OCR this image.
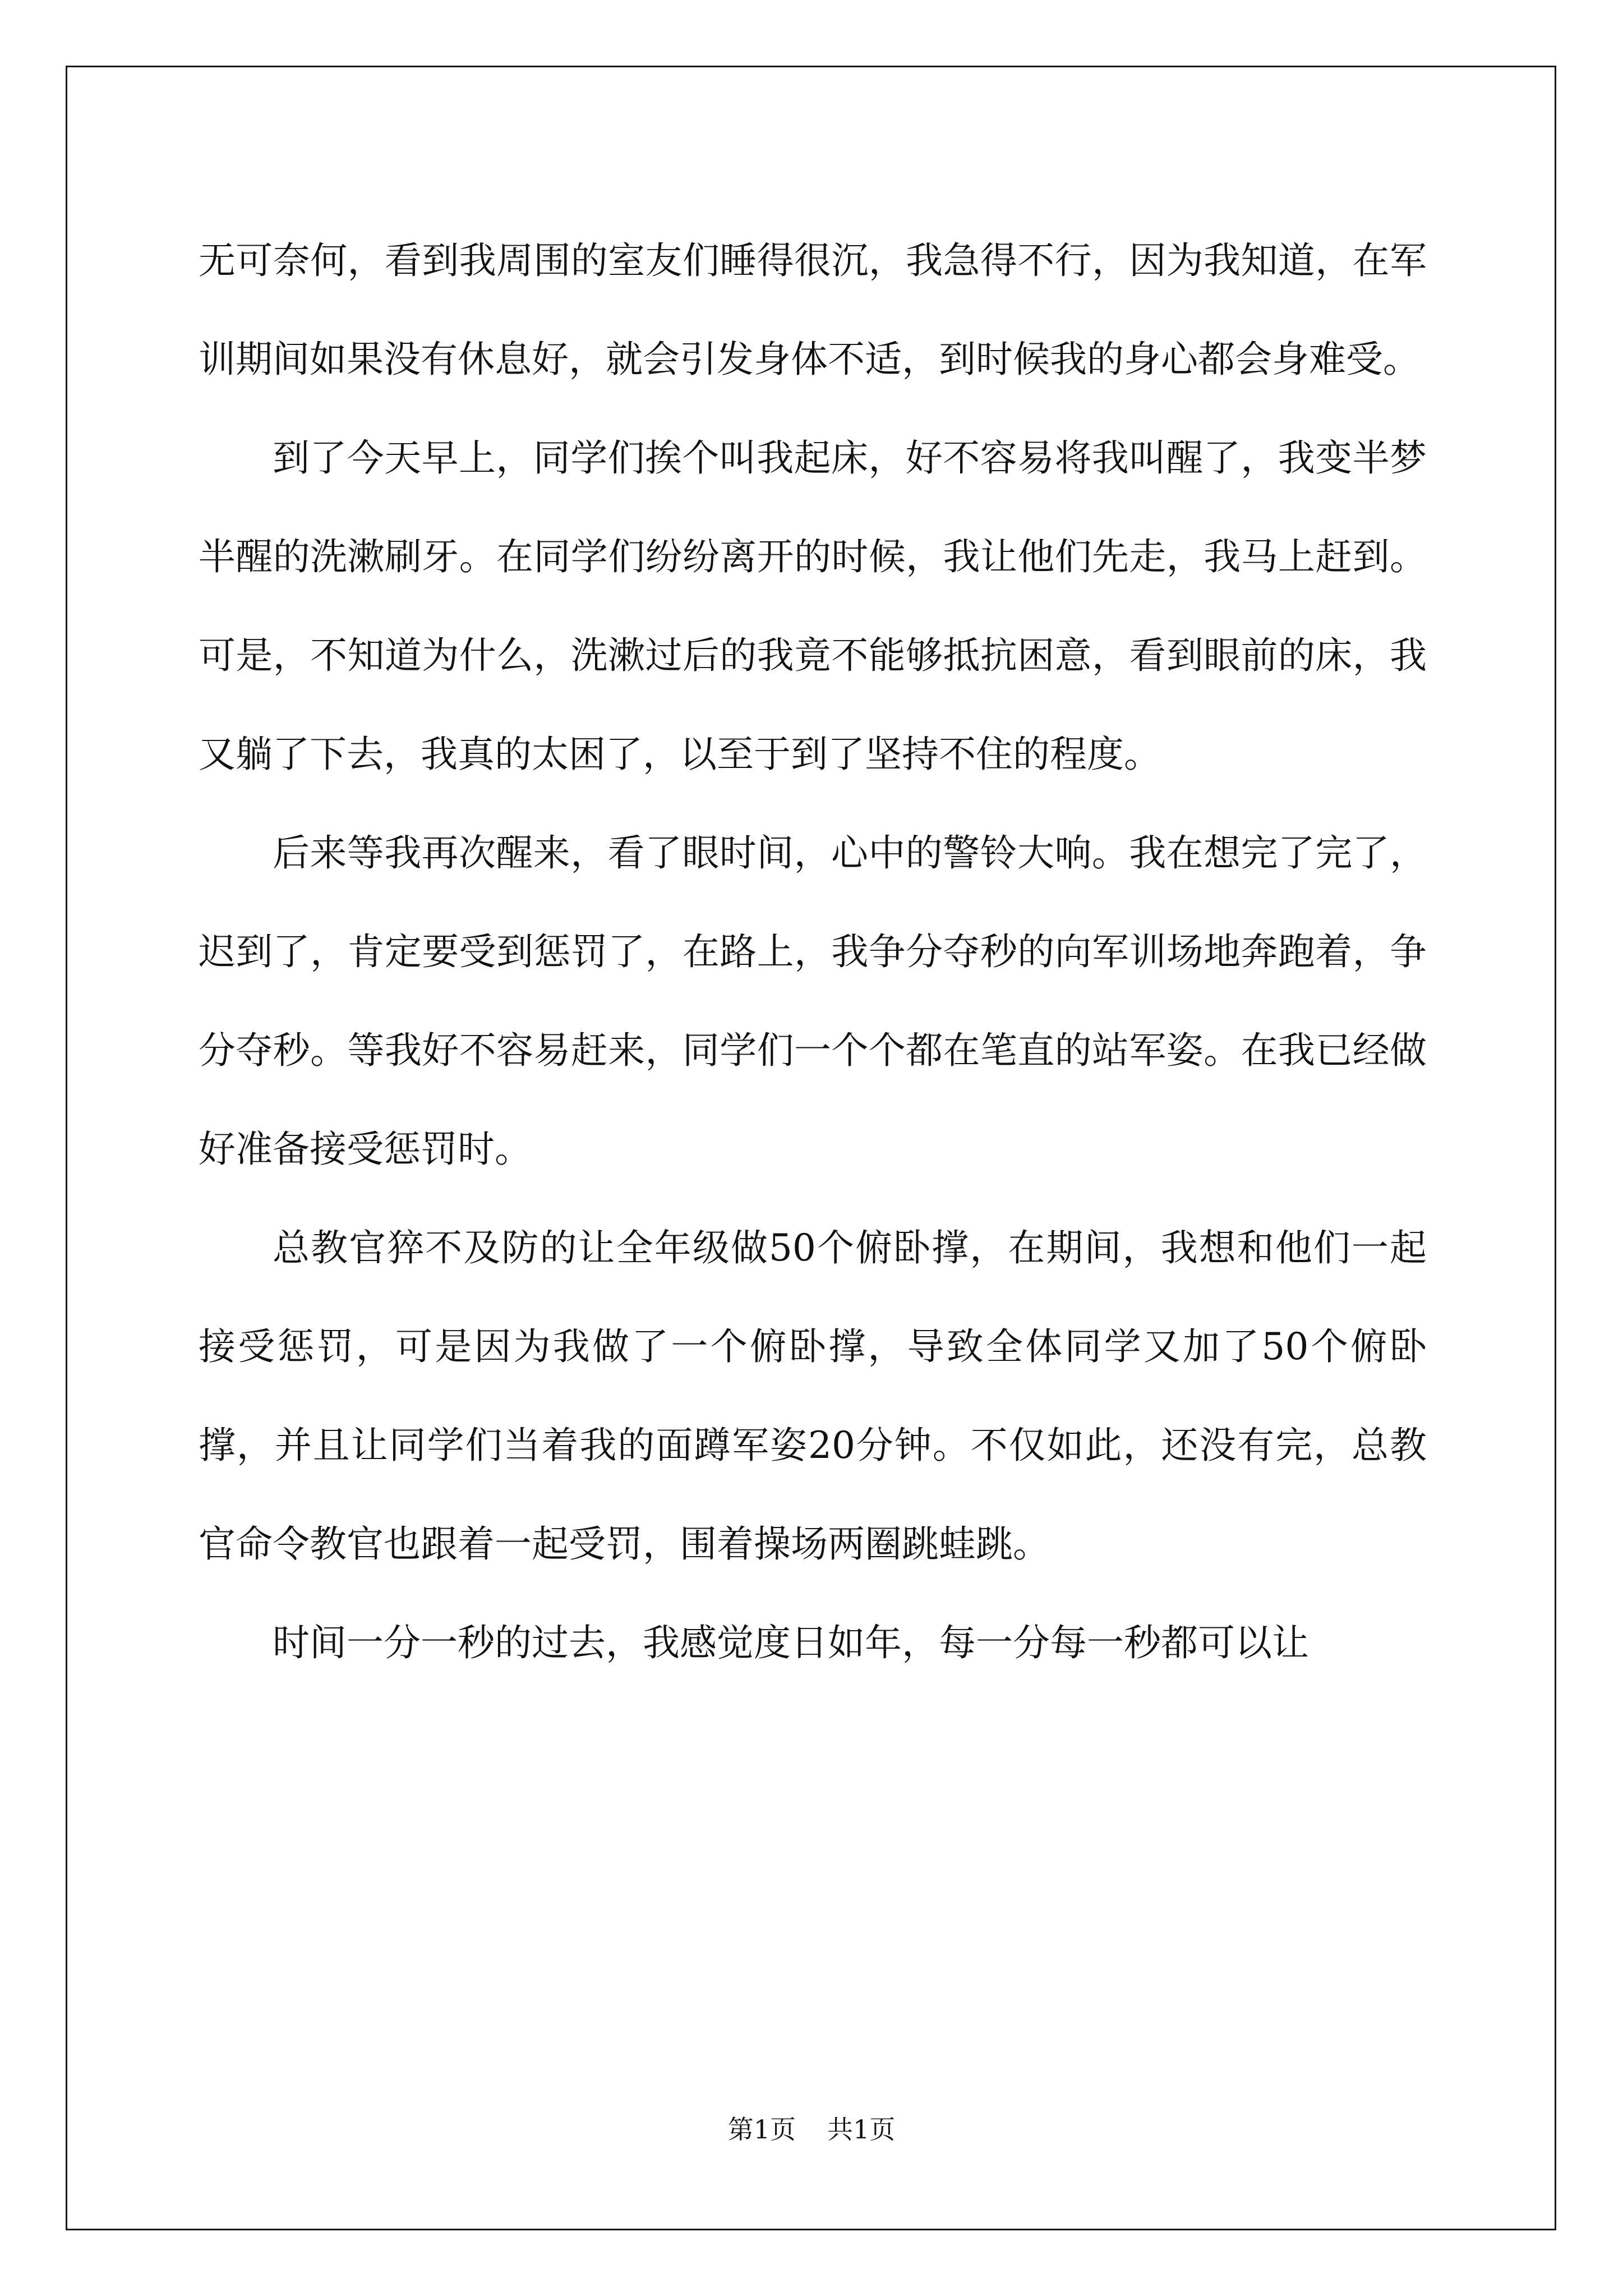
无可奈何，看到我周围的室友们睡得很沉，我急得不行，因为我知道，在军训期间如果没有休息好，就会引发身体不适，到时候我的身心都会身难受。

到了今天早上，同学们挨个叫我起床，好不容易将我叫醒了，我变半梦半醒的洗漱刷牙。在同学们纷纷离开的时候，我让他们先走，我马上赶到。可是，不知道为什么，洗漱过后的我竟不能够抵抗困意，看到眼前的床，我又躺了下去，我真的太困了，以至于到了坚持不住的程度。

后来等我再次醒来，看了眼时间，心中的警铃大响。我在想完了完了，迟到了，肯定要受到惩罚了，在路上，我争分夺秒的向军训场地奔跑着，争分夺秒。等我好不容易赶来，同学们一个个都在笔直的站军姿。在我已经做好准备接受惩罚时。

总教官猝不及防的让全年级做50个俯卧撑，在期间，我想和他们一起接受惩罚，可是因为我做了一个俯卧撑，导致全体同学又加了50个俯卧撑，并且让同学们当着我的面蹲军姿20分钟。不仅如此，还没有完，总教官命令教官也跟着一起受罚，围着操场两圈跳蛙跳。

时间一分一秒的过去，我感觉度日如年，每一分每一秒都可以让

第1页 共1页
